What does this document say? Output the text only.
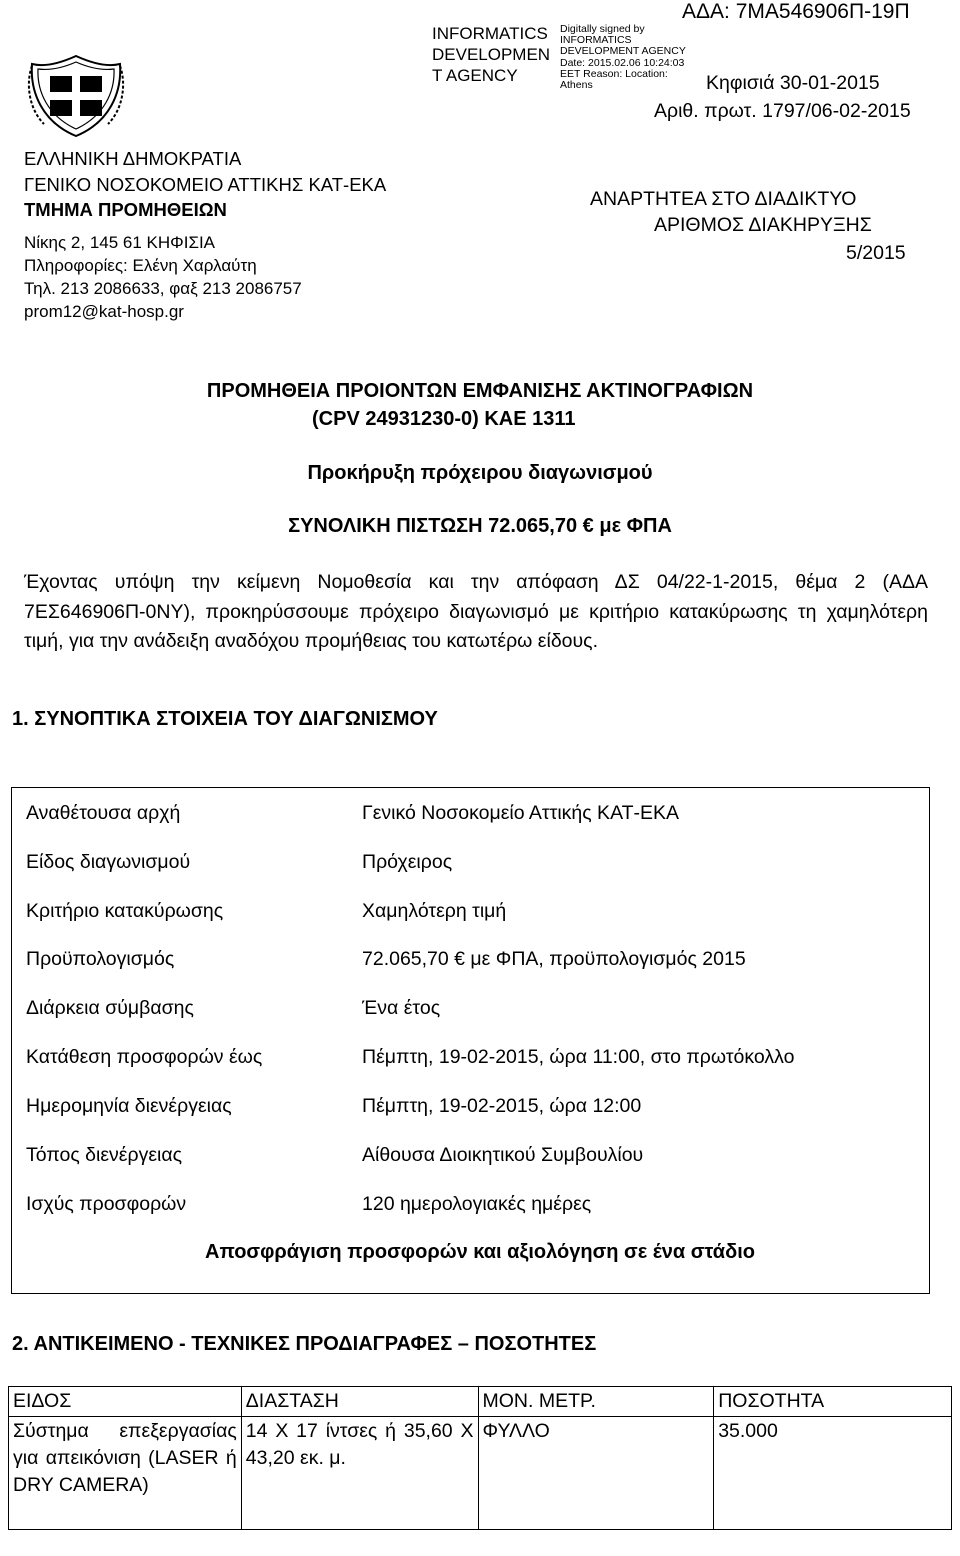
INFORMATICS DEVELOPMEN T AGENCY
Digitally signed by INFORMATICS DEVELOPMENT AGENCY Date: 2015.02.06 10:24:03 EET Reason: Location: Athens
ΑΔΑ: 7ΜΑ546906Π-19Π
Κηφισιά 30-01-2015
Αριθ. πρωτ. 1797/06-02-2015
ΕΛΛΗΝΙΚΗ ΔΗΜΟΚΡΑΤΙΑ
ΓΕΝΙΚΟ ΝΟΣΟΚΟΜΕΙΟ ΑΤΤΙΚΗΣ ΚΑΤ-ΕΚΑ
ΤΜΗΜΑ ΠΡΟΜΗΘΕΙΩΝ
Νίκης 2, 145 61 ΚΗΦΙΣΙΑ
Πληροφορίες: Ελένη Χαρλαύτη
Τηλ. 213 2086633, φαξ 213 2086757
prom12@kat-hosp.gr
ΑΝΑΡΤΗΤΕΑ ΣΤΟ ΔΙΑΔΙΚΤΥΟ
ΑΡΙΘΜΟΣ ΔΙΑΚΗΡΥΞΗΣ
5/2015
ΠΡΟΜΗΘΕΙΑ ΠΡΟΙΟΝΤΩΝ ΕΜΦΑΝΙΣΗΣ ΑΚΤΙΝΟΓΡΑΦΙΩΝ
(CPV 24931230-0) ΚΑΕ 1311
Προκήρυξη πρόχειρου διαγωνισμού
ΣΥΝΟΛΙΚΗ ΠΙΣΤΩΣΗ 72.065,70 € με ΦΠΑ
Έχοντας υπόψη την κείμενη Νομοθεσία και την απόφαση ΔΣ 04/22-1-2015, θέμα 2 (ΑΔΑ 7ΕΣ646906Π-0ΝΥ), προκηρύσσουμε πρόχειρο διαγωνισμό με κριτήριο κατακύρωσης τη χαμηλότερη τιμή, για την ανάδειξη αναδόχου προμήθειας του κατωτέρω είδους.
1. ΣΥΝΟΠΤΙΚΑ ΣΤΟΙΧΕΙΑ ΤΟΥ ΔΙΑΓΩΝΙΣΜΟΥ
Αναθέτουσα αρχή	Γενικό Νοσοκομείο Αττικής ΚΑΤ-ΕΚΑ
Είδος διαγωνισμού	Πρόχειρος
Κριτήριο κατακύρωσης	Χαμηλότερη τιμή
Προϋπολογισμός	72.065,70 € με ΦΠΑ, προϋπολογισμός 2015
Διάρκεια σύμβασης	Ένα έτος
Κατάθεση προσφορών έως	Πέμπτη, 19-02-2015, ώρα 11:00, στο πρωτόκολλο
Ημερομηνία διενέργειας	Πέμπτη, 19-02-2015, ώρα 12:00
Τόπος διενέργειας	Αίθουσα Διοικητικού Συμβουλίου
Ισχύς προσφορών	120 ημερολογιακές ημέρες
Αποσφράγιση προσφορών και αξιολόγηση σε ένα στάδιο
2. ΑΝΤΙΚΕΙΜΕΝΟ - ΤΕΧΝΙΚΕΣ ΠΡΟΔΙΑΓΡΑΦΕΣ – ΠΟΣΟΤΗΤΕΣ
ΕΙΔΟΣ	ΔΙΑΣΤΑΣΗ	ΜΟΝ. ΜΕΤΡ.	ΠΟΣΟΤΗΤΑ
Σύστημα επεξεργασίας για απεικόνιση (LASER ή DRY CAMERA)	14 X 17 ίντσες ή 35,60 X 43,20 εκ. μ.	ΦΥΛΛΟ	35.000
